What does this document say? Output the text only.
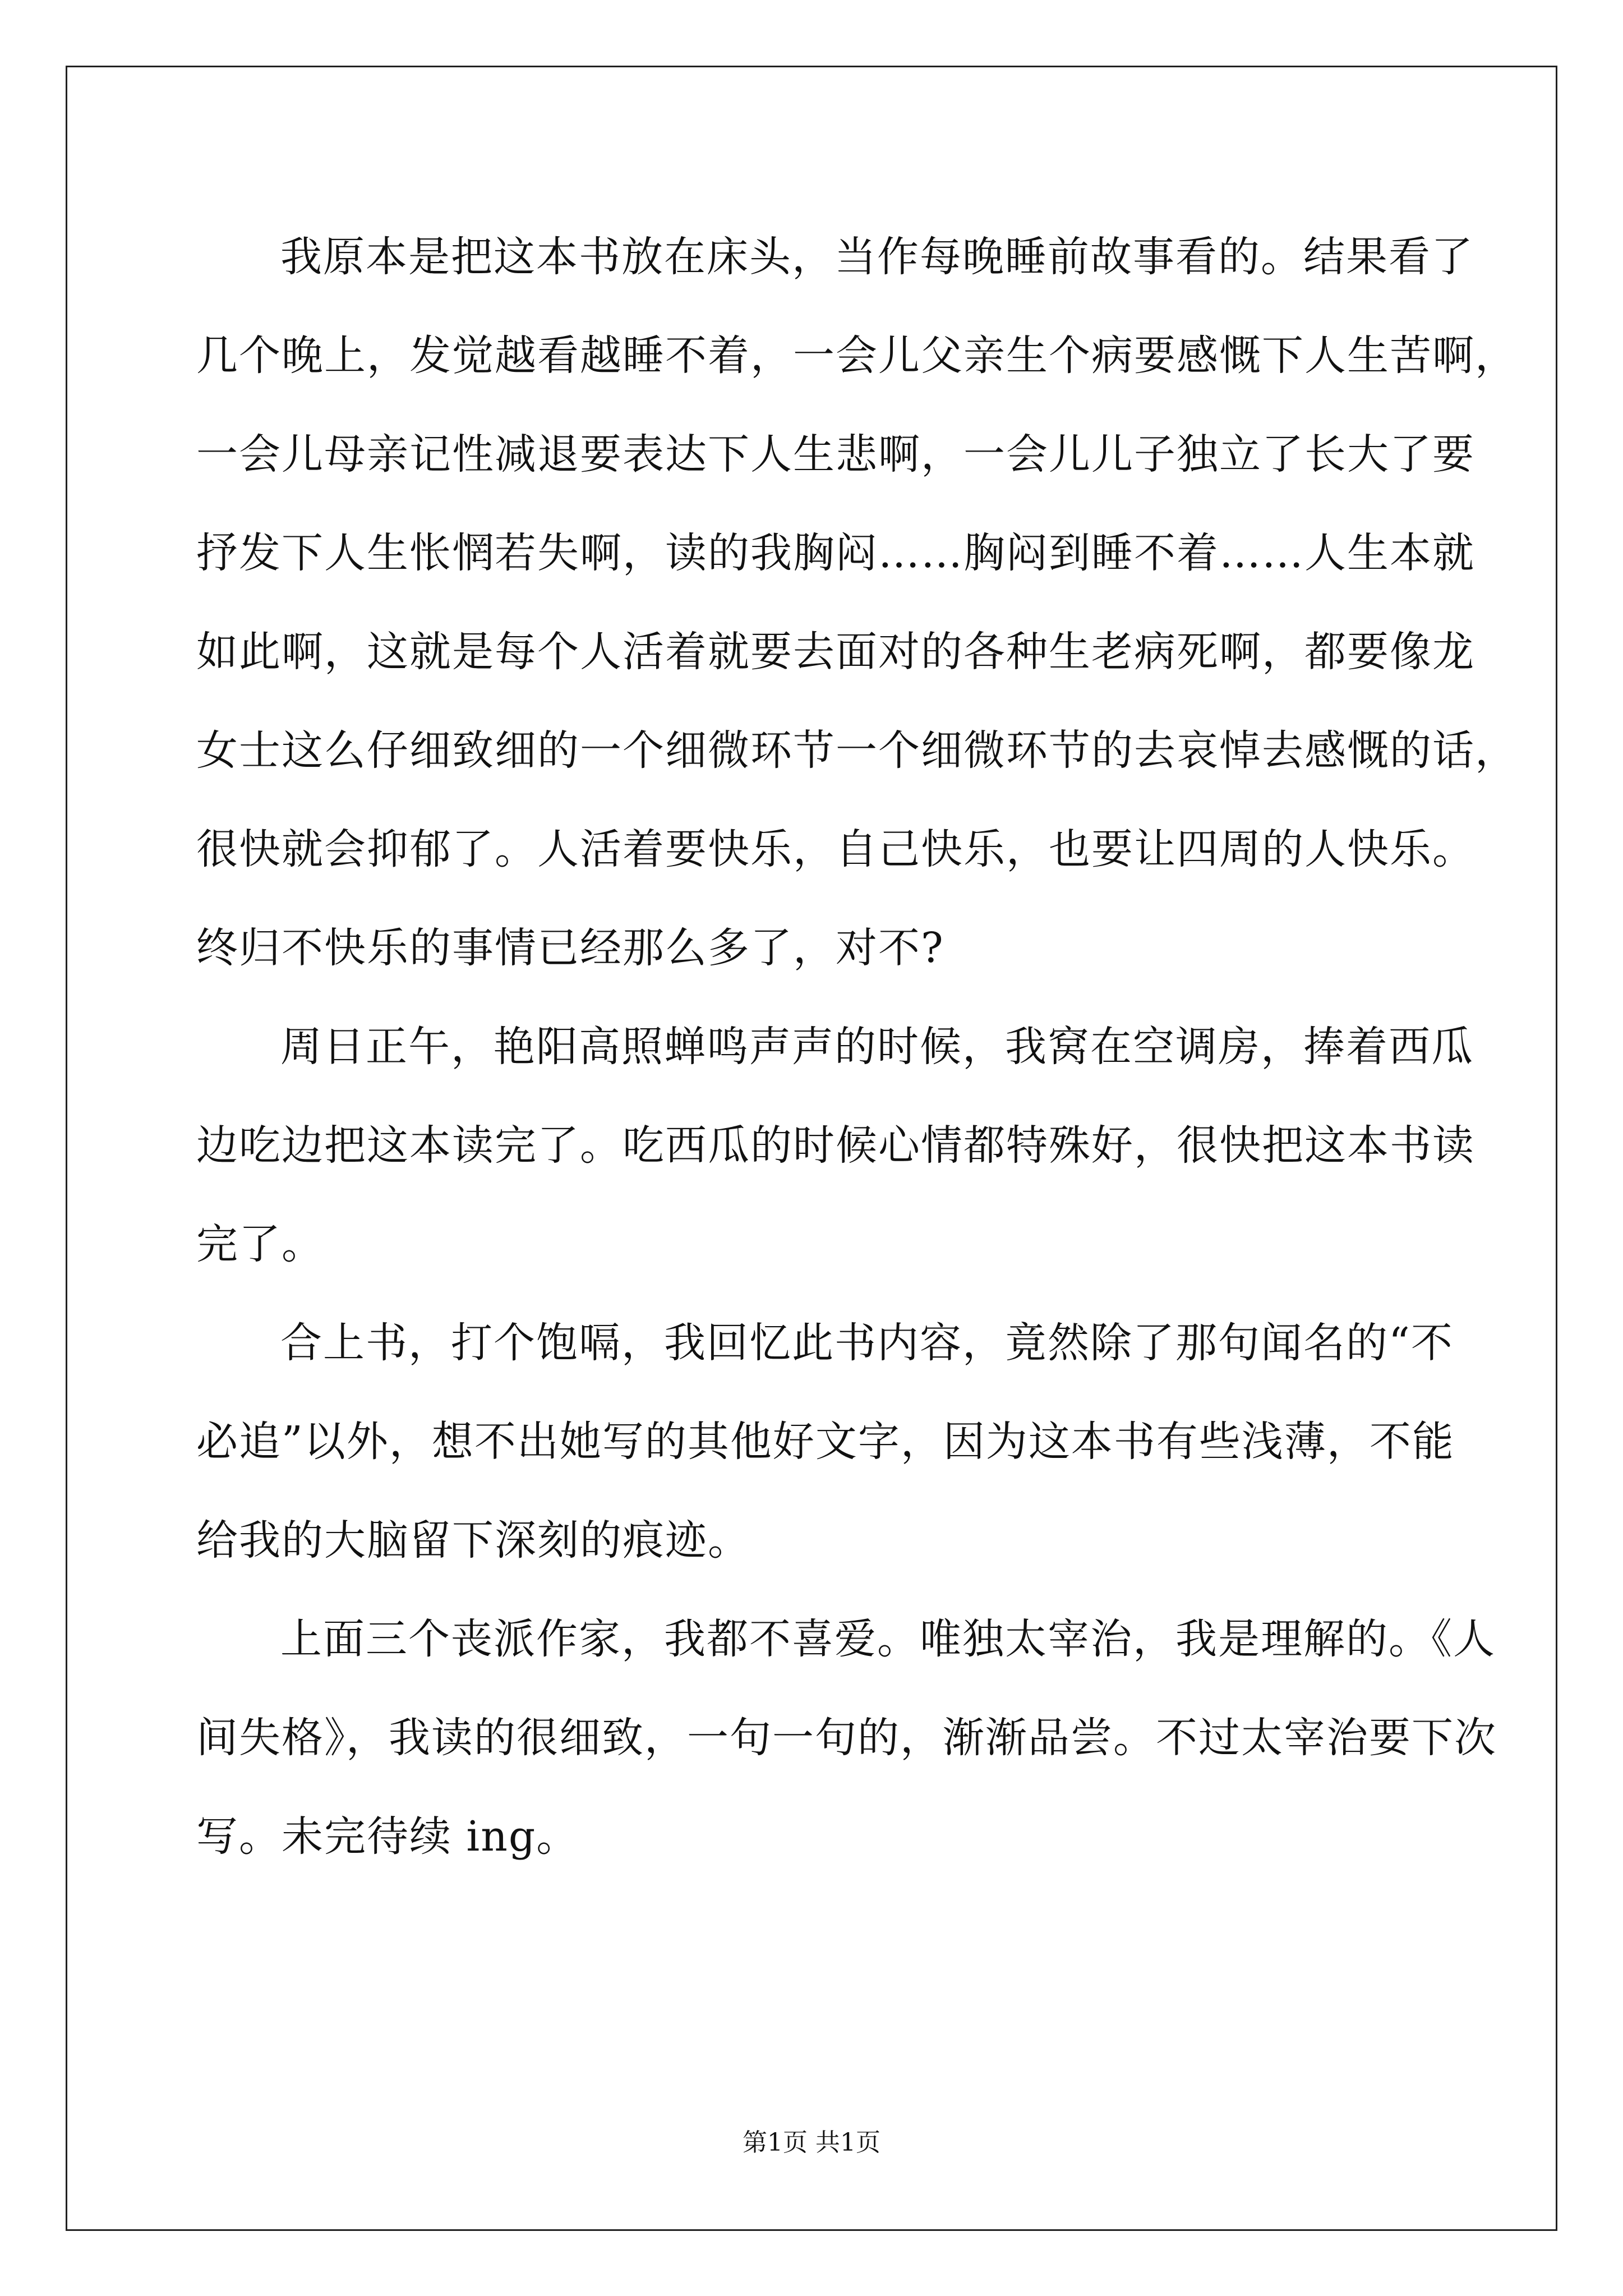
我原本是把这本书放在床头，当作每晚睡前故事看的。结果看了
几个晚上，发觉越看越睡不着，一会儿父亲生个病要感慨下人生苦啊，
一会儿母亲记性减退要表达下人生悲啊，一会儿儿子独立了长大了要
抒发下人生怅惘若失啊，读的我胸闷……胸闷到睡不着……人生本就
如此啊，这就是每个人活着就要去面对的各种生老病死啊，都要像龙
女士这么仔细致细的一个细微环节一个细微环节的去哀悼去感慨的话，
很快就会抑郁了。人活着要快乐，自己快乐，也要让四周的人快乐。
终归不快乐的事情已经那么多了，对不?
周日正午，艳阳高照蝉鸣声声的时候，我窝在空调房，捧着西瓜
边吃边把这本读完了。吃西瓜的时候心情都特殊好，很快把这本书读
完了。
合上书，打个饱嗝，我回忆此书内容，竟然除了那句闻名的“不
必追”以外，想不出她写的其他好文字，因为这本书有些浅薄，不能
给我的大脑留下深刻的痕迹。
上面三个丧派作家，我都不喜爱。唯独太宰治，我是理解的。《人
间失格》，我读的很细致，一句一句的，渐渐品尝。不过太宰治要下次
写。未完待续 ing。
第1页 共1页
